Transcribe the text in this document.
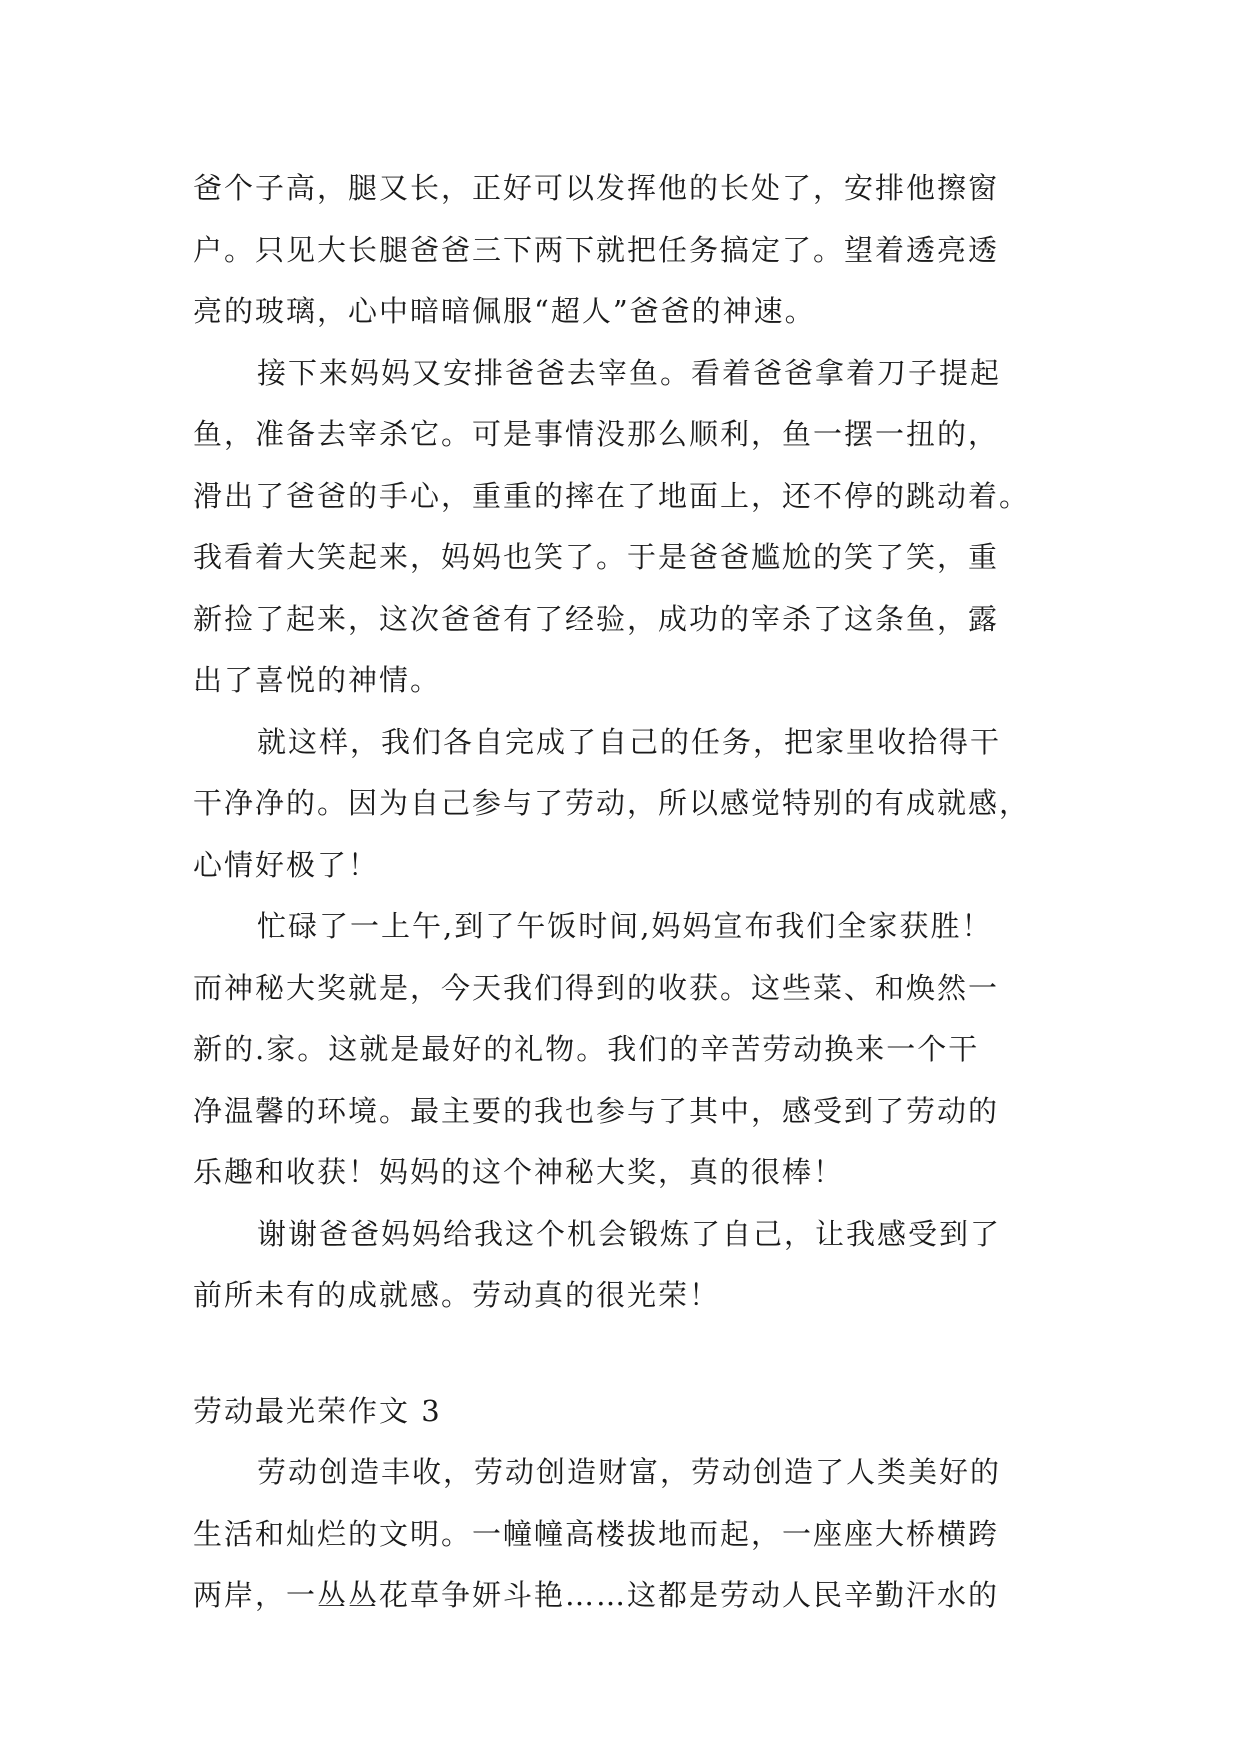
爸个子高，腿又长，正好可以发挥他的长处了，安排他擦窗
户。只见大长腿爸爸三下两下就把任务搞定了。望着透亮透
亮的玻璃，心中暗暗佩服“超人”爸爸的神速。
接下来妈妈又安排爸爸去宰鱼。看着爸爸拿着刀子提起
鱼，准备去宰杀它。可是事情没那么顺利，鱼一摆一扭的，
滑出了爸爸的手心，重重的摔在了地面上，还不停的跳动着。
我看着大笑起来，妈妈也笑了。于是爸爸尴尬的笑了笑，重
新捡了起来，这次爸爸有了经验，成功的宰杀了这条鱼，露
出了喜悦的神情。
就这样，我们各自完成了自己的任务，把家里收拾得干
干净净的。因为自己参与了劳动，所以感觉特别的有成就感，
心情好极了！
忙碌了一上午,到了午饭时间,妈妈宣布我们全家获胜！
而神秘大奖就是，今天我们得到的收获。这些菜、和焕然一
新的.家。这就是最好的礼物。我们的辛苦劳动换来一个干
净温馨的环境。最主要的我也参与了其中，感受到了劳动的
乐趣和收获！妈妈的这个神秘大奖，真的很棒！
谢谢爸爸妈妈给我这个机会锻炼了自己，让我感受到了
前所未有的成就感。劳动真的很光荣！
劳动最光荣作文 3
劳动创造丰收，劳动创造财富，劳动创造了人类美好的
生活和灿烂的文明。一幢幢高楼拔地而起，一座座大桥横跨
两岸，一丛丛花草争妍斗艳……这都是劳动人民辛勤汗水的
